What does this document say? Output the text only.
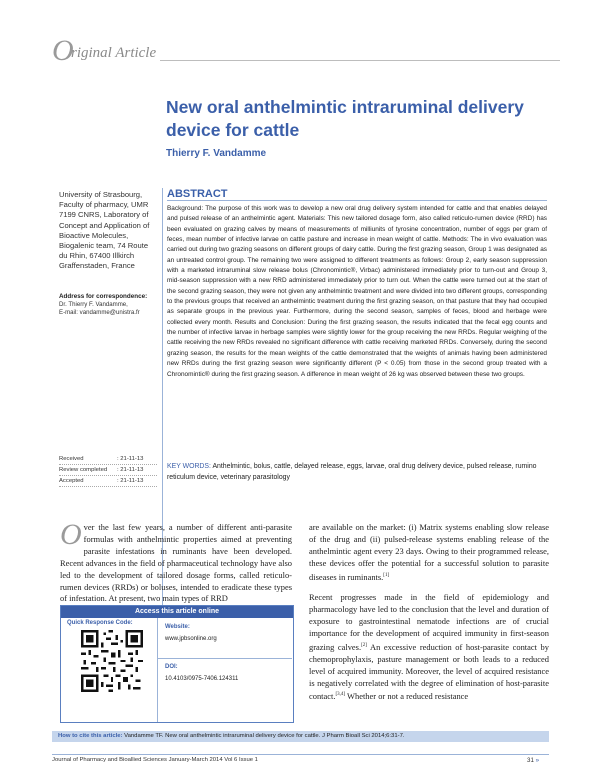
O
riginal Article
New oral anthelmintic intraruminal delivery device for cattle
Thierry F. Vandamme
University of Strasbourg, Faculty of pharmacy, UMR 7199 CNRS, Laboratory of Concept and Application of Bioactive Molecules, Biogalenic team, 74 Route du Rhin, 67400 Illkirch Graffenstaden, France
Address for correspondence:
Dr. Thierry F. Vandamme,
E-mail: vandamme@unistra.fr
ABSTRACT
Background: The purpose of this work was to develop a new oral drug delivery system intended for cattle and that enables delayed and pulsed release of an anthelmintic agent. Materials: This new tailored dosage form, also called reticulo-rumen device (RRD) has been evaluated on grazing calves by means of measurements of milliunits of tyrosine concentration, number of eggs per gram of feces, mean number of infective larvae on cattle pasture and increase in mean weight of cattle. Methods: The in vivo evaluation was carried out during two grazing seasons on different groups of dairy cattle. During the first grazing season, Group 1 was designated as an untreated control group. The remaining two were assigned to different treatments as follows: Group 2, early season suppression with a marketed intraruminal slow release bolus (Chronomintic®, Virbac) administered immediately prior to turn-out and Group 3, mid-season suppression with a new RRD administered immediately prior to turn out. When the cattle were turned out at the start of the second grazing season, they were not given any anthelmintic treatment and were divided into two different groups, corresponding to the previous groups that received an anthelmintic treatment during the first grazing season, on that pasture that they had occupied as separate groups in the previous year. Furthermore, during the second season, samples of feces, blood and herbage were collected every month. Results and Conclusion: During the first grazing season, the results indicated that the fecal egg counts and the number of infective larvae in herbage samples were slightly lower for the group receiving the new RRDs. Regular weighing of the cattle receiving the new RRDs revealed no significant difference with cattle receiving marketed RRDs. Conversely, during the second grazing season, the results for the mean weights of the cattle demonstrated that the weights of animals having been administered new RRDs during the first grazing season were significantly different (P < 0.05) from those in the second group treated with a Chronomintic® during the first grazing season. A difference in mean weight of 26 kg was observed between these two groups.
Received	: 21-11-13
Review completed	: 21-11-13
Accepted	: 21-11-13
KEY WORDS: Anthelmintic, bolus, cattle, delayed release, eggs, larvae, oral drug delivery device, pulsed release, rumino reticulum device, veterinary parasitology
Over the last few years, a number of different anti-parasite formulas with anthelmintic properties aimed at preventing parasite infestations in ruminants have been developed. Recent advances in the field of pharmaceutical technology have also led to the development of tailored dosage forms, called reticulo-rumen devices (RRDs) or boluses, intended to eradicate these types of infestation. At present, two main types of RRD
Access this article online
Quick Response Code:
Website:
www.jpbsonline.org
DOI:
10.4103/0975-7406.124311

are available on the market: (i) Matrix systems enabling slow release of the drug and (ii) pulsed-release systems enabling release of the anthelmintic agent every 23 days. Owing to their programmed release, these devices offer the potential for a successful solution to parasite diseases in ruminants.[1]

Recent progresses made in the field of epidemiology and pharmacology have led to the conclusion that the level and duration of exposure to gastrointestinal nematode infections are of crucial importance for the development of acquired immunity in first-season grazing calves.[2] An excessive reduction of host-parasite contact by chemoprophylaxis, pasture management or both leads to a reduced level of acquired immunity. Moreover, the level of acquired resistance is negatively correlated with the degree of elimination of host-parasite contact.[3,4] Whether or not a reduced resistance

How to cite this article: Vandamme TF. New oral anthelmintic intraruminal delivery device for cattle. J Pharm Bioall Sci 2014;6:31-7.
Journal of Pharmacy and Bioallied Sciences January-March 2014 Vol 6 Issue 1	31 »
